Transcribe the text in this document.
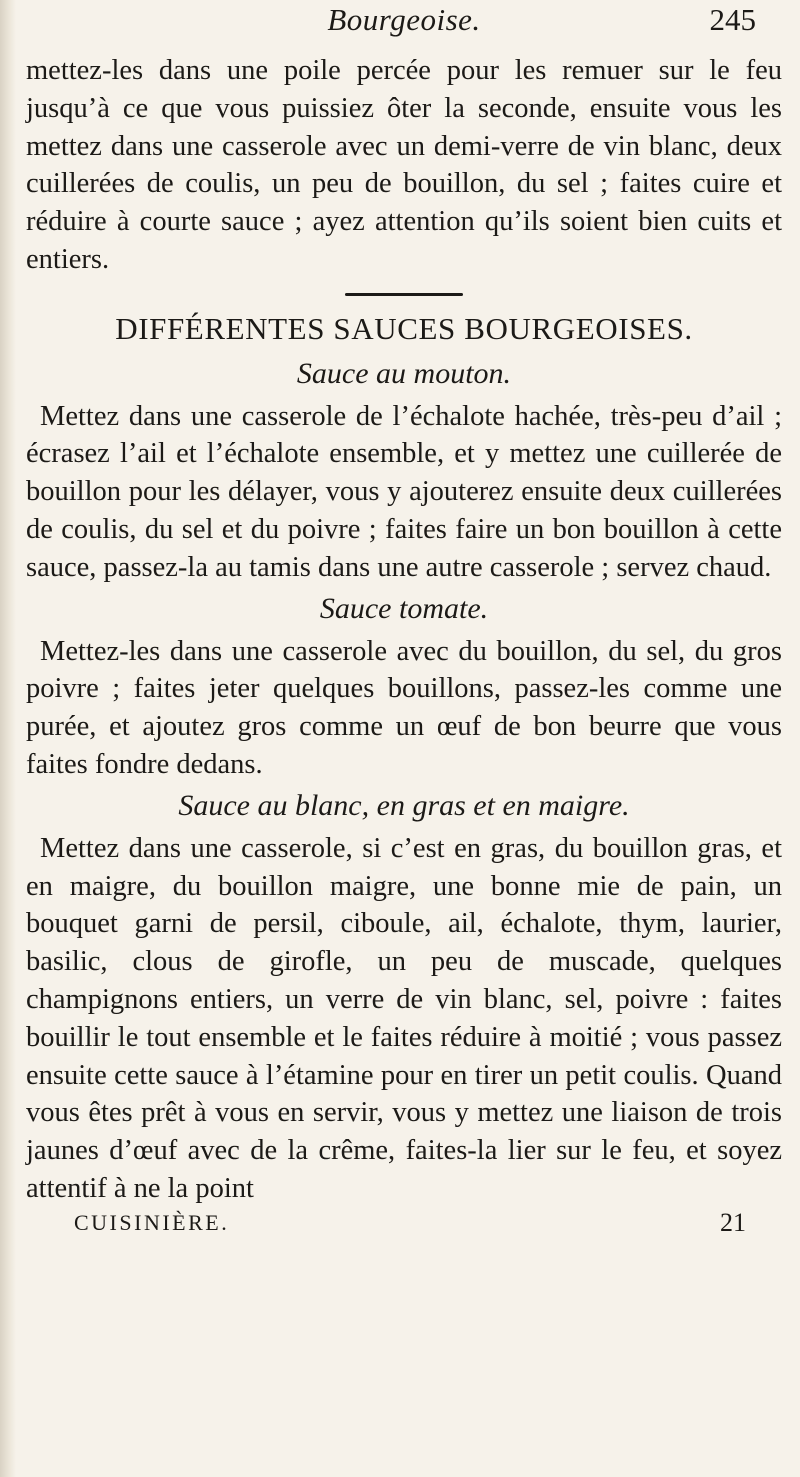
Bourgeoise.	245

mettez-les dans une poile percée pour les remuer sur le feu jusqu’à ce que vous puissiez ôter la seconde, ensuite vous les mettez dans une casserole avec un demi-verre de vin blanc, deux cuillerées de coulis, un peu de bouillon, du sel ; faites cuire et réduire à courte sauce ; ayez attention qu’ils soient bien cuits et entiers.

DIFFÉRENTES SAUCES BOURGEOISES.
Sauce au mouton.

Mettez dans une casserole de l’échalote hachée, très-peu d’ail ; écrasez l’ail et l’échalote ensemble, et y mettez une cuillerée de bouillon pour les délayer, vous y ajouterez ensuite deux cuillerées de coulis, du sel et du poivre ; faites faire un bon bouillon à cette sauce, passez-la au tamis dans une autre casserole ; servez chaud.

Sauce tomate.

Mettez-les dans une casserole avec du bouillon, du sel, du gros poivre ; faites jeter quelques bouillons, passez-les comme une purée, et ajoutez gros comme un œuf de bon beurre que vous faites fondre dedans.

Sauce au blanc, en gras et en maigre.

Mettez dans une casserole, si c’est en gras, du bouillon gras, et en maigre, du bouillon maigre, une bonne mie de pain, un bouquet garni de persil, ciboule, ail, échalote, thym, laurier, basilic, clous de girofle, un peu de muscade, quelques champignons entiers, un verre de vin blanc, sel, poivre : faites bouillir le tout ensemble et le faites réduire à moitié ; vous passez ensuite cette sauce à l’étamine pour en tirer un petit coulis. Quand vous êtes prêt à vous en servir, vous y mettez une liaison de trois jaunes d’œuf avec de la crême, faites-la lier sur le feu, et soyez attentif à ne la point

CUISINIÈRE.	21
